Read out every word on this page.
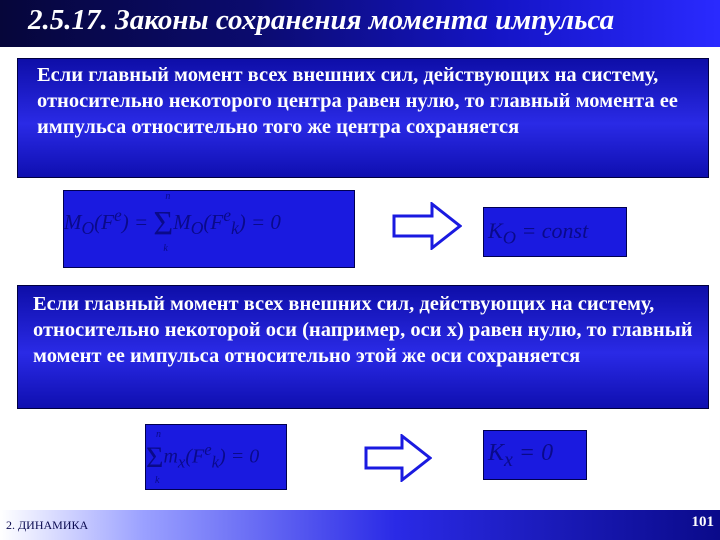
2.5.17. Законы сохранения момента импульса
Если главный момент всех внешних сил, действующих на систему, относительно некоторого центра равен нулю, то главный момента ее импульса относительно того же центра сохраняется
$M_O(F^e) = \Sigma$
n
k
$M_O(F^e_k) = 0$	$K_O$ = const
Если главный момент всех внешних сил, действующих на систему, относительно некоторой оси (например, оси x) равен нулю, то главный момент ее импульса относительно этой же оси сохраняется
Σ
n
k
$m_x(F^e_k) = 0$	$K_x = 0$
2. ДИНАМИКА	101
